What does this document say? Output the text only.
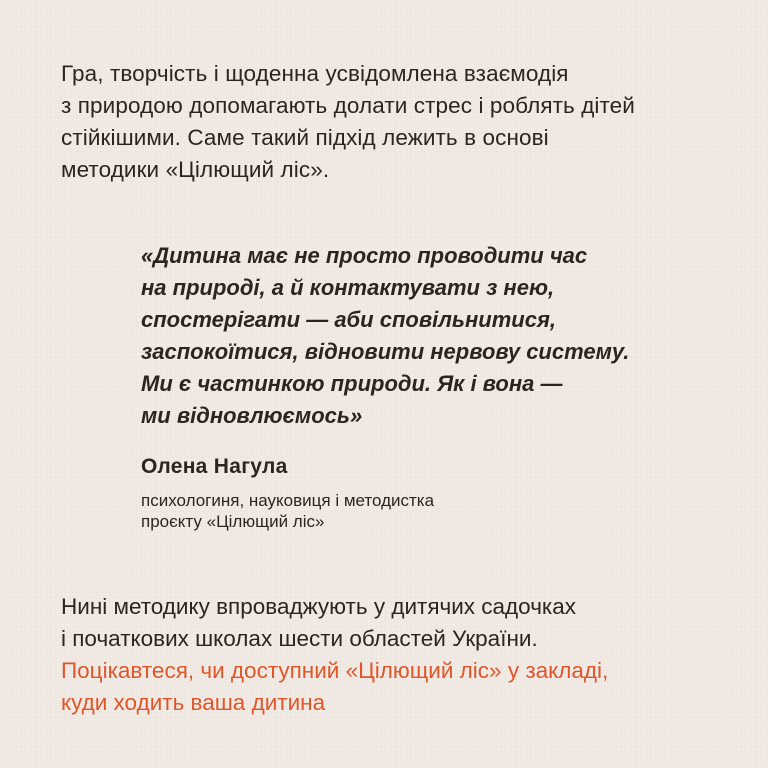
Гра, творчість і щоденна усвідомлена взаємодія
з природою допомагають долати стрес і роблять дітей
стійкішими. Саме такий підхід лежить в основі
методики «Цілющий ліс».
«Дитина має не просто проводити час
на природі, а й контактувати з нею,
спостерігати — аби сповільнитися,
заспокоїтися, відновити нервову систему.
Ми є частинкою природи. Як і вона —
ми відновлюємось»
Олена Нагула
психологиня, науковиця і методистка
проєкту «Цілющий ліс»
Нині методику впроваджують у дитячих садочках
і початкових школах шести областей України.
Поцікавтеся, чи доступний «Цілющий ліс» у закладі,
куди ходить ваша дитина
